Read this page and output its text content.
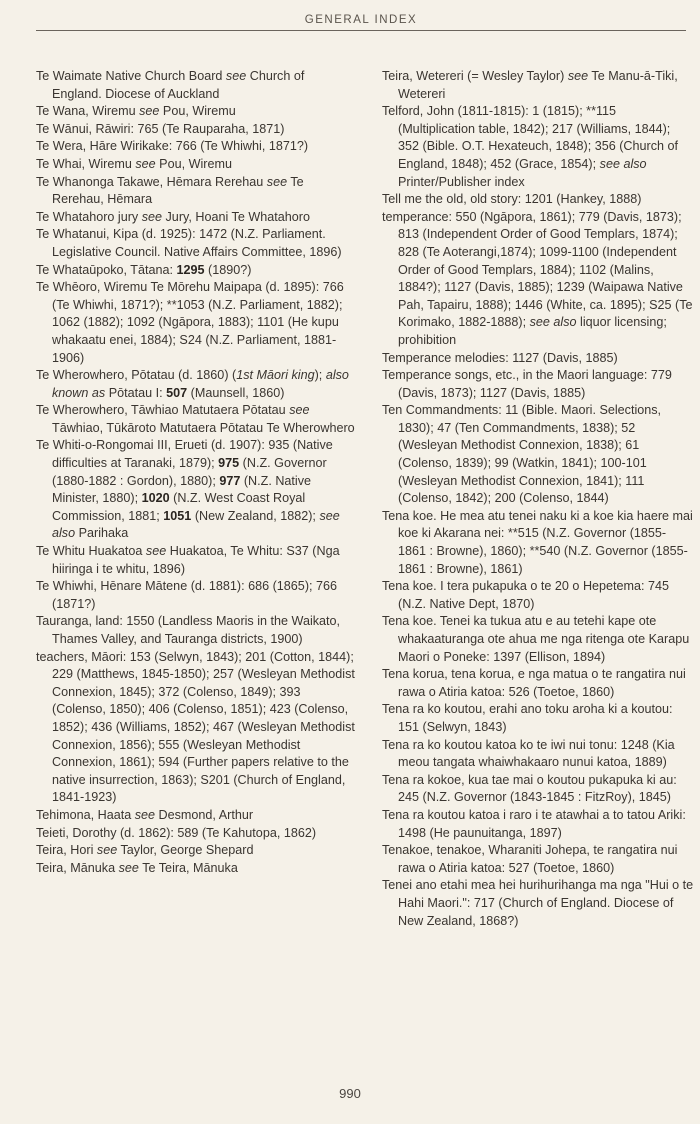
GENERAL INDEX

Te Waimate Native Church Board see Church of England. Diocese of Auckland

Te Wana, Wiremu see Pou, Wiremu

Te Wānui, Rāwiri: 765 (Te Rauparaha, 1871)

Te Wera, Hāre Wirikake: 766 (Te Whiwhi, 1871?)

Te Whai, Wiremu see Pou, Wiremu

Te Whanonga Takawe, Hēmara Rerehau see Te Rerehau, Hēmara

Te Whatahoro jury see Jury, Hoani Te Whatahoro

Te Whatanui, Kipa (d. 1925): 1472 (N.Z. Parliament. Legislative Council. Native Affairs Committee, 1896)

Te Whataūpoko, Tātana: 1295 (1890?)

Te Whēoro, Wiremu Te Mōrehu Maipapa (d. 1895): 766 (Te Whiwhi, 1871?); **1053 (N.Z. Parliament, 1882); 1062 (1882); 1092 (Ngāpora, 1883); 1101 (He kupu whakaatu enei, 1884); S24 (N.Z. Parliament, 1881-1906)

Te Wherowhero, Pōtatau (d. 1860) (1st Māori king); also known as Pōtatau I: 507 (Maunsell, 1860)

Te Wherowhero, Tāwhiao Matutaera Pōtatau see Tāwhiao, Tūkāroto Matutaera Pōtatau Te Wherowhero

Te Whiti-o-Rongomai III, Erueti (d. 1907): 935 (Native difficulties at Taranaki, 1879); 975 (N.Z. Governor (1880-1882 : Gordon), 1880); 977 (N.Z. Native Minister, 1880); 1020 (N.Z. West Coast Royal Commission, 1881; 1051 (New Zealand, 1882); see also Parihaka

Te Whitu Huakatoa see Huakatoa, Te Whitu: S37 (Nga hiiringa i te whitu, 1896)

Te Whiwhi, Hēnare Mātene (d. 1881): 686 (1865); 766 (1871?)

Tauranga, land: 1550 (Landless Maoris in the Waikato, Thames Valley, and Tauranga districts, 1900)

teachers, Māori: 153 (Selwyn, 1843); 201 (Cotton, 1844); 229 (Matthews, 1845-1850); 257 (Wesleyan Methodist Connexion, 1845); 372 (Colenso, 1849); 393 (Colenso, 1850); 406 (Colenso, 1851); 423 (Colenso, 1852); 436 (Williams, 1852); 467 (Wesleyan Methodist Connexion, 1856); 555 (Wesleyan Methodist Connexion, 1861); 594 (Further papers relative to the native insurrection, 1863); S201 (Church of England, 1841-1923)

Tehimona, Haata see Desmond, Arthur

Teieti, Dorothy (d. 1862): 589 (Te Kahutopa, 1862)

Teira, Hori see Taylor, George Shepard

Teira, Mānuka see Te Teira, Mānuka

Teira, Wetereri (= Wesley Taylor) see Te Manu-ā-Tiki, Wetereri

Telford, John (1811-1815): 1 (1815); **115 (Multiplication table, 1842); 217 (Williams, 1844); 352 (Bible. O.T. Hexateuch, 1848); 356 (Church of England, 1848); 452 (Grace, 1854); see also Printer/Publisher index

Tell me the old, old story: 1201 (Hankey, 1888)

temperance: 550 (Ngāpora, 1861); 779 (Davis, 1873); 813 (Independent Order of Good Templars, 1874); 828 (Te Aoterangi,1874); 1099-1100 (Independent Order of Good Templars, 1884); 1102 (Malins, 1884?); 1127 (Davis, 1885); 1239 (Waipawa Native Pah, Tapairu, 1888); 1446 (White, ca. 1895); S25 (Te Korimako, 1882-1888); see also liquor licensing; prohibition

Temperance melodies: 1127 (Davis, 1885)

Temperance songs, etc., in the Maori language: 779 (Davis, 1873); 1127 (Davis, 1885)

Ten Commandments: 11 (Bible. Maori. Selections, 1830); 47 (Ten Commandments, 1838); 52 (Wesleyan Methodist Connexion, 1838); 61 (Colenso, 1839); 99 (Watkin, 1841); 100-101 (Wesleyan Methodist Connexion, 1841); 111 (Colenso, 1842); 200 (Colenso, 1844)

Tena koe. He mea atu tenei naku ki a koe kia haere mai koe ki Akarana nei: **515 (N.Z. Governor (1855-1861 : Browne), 1860); **540 (N.Z. Governor (1855-1861 : Browne), 1861)

Tena koe. I tera pukapuka o te 20 o Hepetema: 745 (N.Z. Native Dept, 1870)

Tena koe. Tenei ka tukua atu e au tetehi kape ote whakaaturanga ote ahua me nga ritenga ote Karapu Maori o Poneke: 1397 (Ellison, 1894)

Tena korua, tena korua, e nga matua o te rangatira nui rawa o Atiria katoa: 526 (Toetoe, 1860)

Tena ra ko koutou, erahi ano toku aroha ki a koutou: 151 (Selwyn, 1843)

Tena ra ko koutou katoa ko te iwi nui tonu: 1248 (Kia meou tangata whaiwhakaaro nunui katoa, 1889)

Tena ra kokoe, kua tae mai o koutou pukapuka ki au: 245 (N.Z. Governor (1843-1845 : FitzRoy), 1845)

Tena ra koutou katoa i raro i te atawhai a to tatou Ariki: 1498 (He paunuitanga, 1897)

Tenakoe, tenakoe, Wharaniti Johepa, te rangatira nui rawa o Atiria katoa: 527 (Toetoe, 1860)

Tenei ano etahi mea hei hurihurihanga ma nga "Hui o te Hahi Maori.": 717 (Church of England. Diocese of New Zealand, 1868?)

990
